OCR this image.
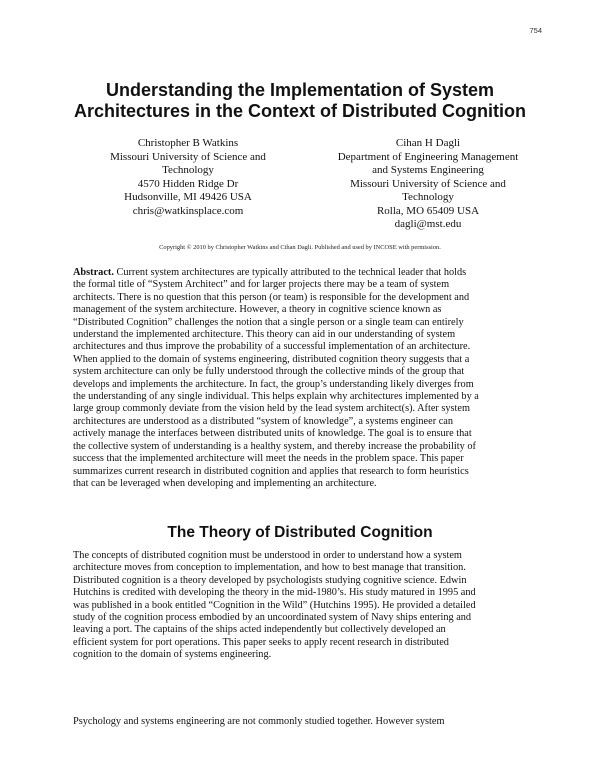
754
Understanding the Implementation of System
Architectures in the Context of Distributed Cognition
Christopher B Watkins
Missouri University of Science and
Technology
4570 Hidden Ridge Dr
Hudsonville, MI 49426 USA
chris@watkinsplace.com
Cihan H Dagli
Department of Engineering Management
and Systems Engineering
Missouri University of Science and
Technology
Rolla, MO 65409 USA
dagli@mst.edu
Copyright © 2010 by Christopher Watkins and Cihan Dagli. Published and used by INCOSE with permission.
Abstract. Current system architectures are typically attributed to the technical leader that holds
the formal title of “System Architect” and for larger projects there may be a team of system
architects. There is no question that this person (or team) is responsible for the development and
management of the system architecture. However, a theory in cognitive science known as
“Distributed Cognition” challenges the notion that a single person or a single team can entirely
understand the implemented architecture. This theory can aid in our understanding of system
architectures and thus improve the probability of a successful implementation of an architecture.
When applied to the domain of systems engineering, distributed cognition theory suggests that a
system architecture can only be fully understood through the collective minds of the group that
develops and implements the architecture. In fact, the group’s understanding likely diverges from
the understanding of any single individual. This helps explain why architectures implemented by a
large group commonly deviate from the vision held by the lead system architect(s). After system
architectures are understood as a distributed “system of knowledge”, a systems engineer can
actively manage the interfaces between distributed units of knowledge. The goal is to ensure that
the collective system of understanding is a healthy system, and thereby increase the probability of
success that the implemented architecture will meet the needs in the problem space. This paper
summarizes current research in distributed cognition and applies that research to form heuristics
that can be leveraged when developing and implementing an architecture.
The Theory of Distributed Cognition
The concepts of distributed cognition must be understood in order to understand how a system
architecture moves from conception to implementation, and how to best manage that transition.
Distributed cognition is a theory developed by psychologists studying cognitive science. Edwin
Hutchins is credited with developing the theory in the mid-1980’s. His study matured in 1995 and
was published in a book entitled “Cognition in the Wild” (Hutchins 1995). He provided a detailed
study of the cognition process embodied by an uncoordinated system of Navy ships entering and
leaving a port. The captains of the ships acted independently but collectively developed an
efficient system for port operations. This paper seeks to apply recent research in distributed
cognition to the domain of systems engineering.
Psychology and systems engineering are not commonly studied together. However system
